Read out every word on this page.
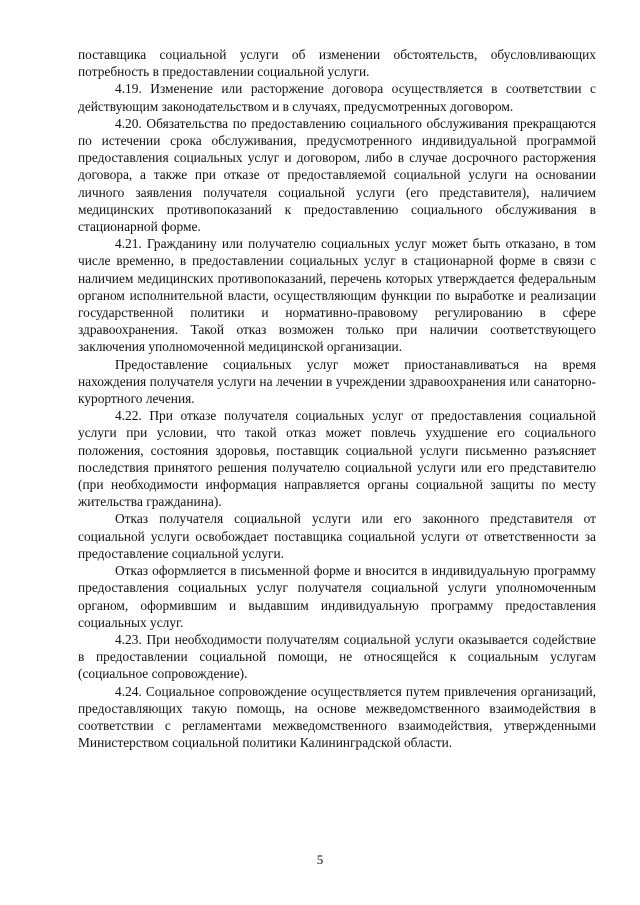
поставщика социальной услуги об изменении обстоятельств, обусловливающих потребность в предоставлении социальной услуги.

4.19. Изменение или расторжение договора осуществляется в соответствии с действующим законодательством и в случаях, предусмотренных договором.

4.20. Обязательства по предоставлению социального обслуживания прекращаются по истечении срока обслуживания, предусмотренного индивидуальной программой предоставления социальных услуг и договором, либо в случае досрочного расторжения договора, а также при отказе от предоставляемой социальной услуги на основании личного заявления получателя социальной услуги (его представителя), наличием медицинских противопоказаний к предоставлению социального обслуживания в стационарной форме.

4.21. Гражданину или получателю социальных услуг может быть отказано, в том числе временно, в предоставлении социальных услуг в стационарной форме в связи с наличием медицинских противопоказаний, перечень которых утверждается федеральным органом исполнительной власти, осуществляющим функции по выработке и реализации государственной политики и нормативно-правовому регулированию в сфере здравоохранения. Такой отказ возможен только при наличии соответствующего заключения уполномоченной медицинской организации.

Предоставление социальных услуг может приостанавливаться на время нахождения получателя услуги на лечении в учреждении здравоохранения или санаторно-курортного лечения.

4.22. При отказе получателя социальных услуг от предоставления социальной услуги при условии, что такой отказ может повлечь ухудшение его социального положения, состояния здоровья, поставщик социальной услуги письменно разъясняет последствия принятого решения получателю социальной услуги или его представителю (при необходимости информация направляется органы социальной защиты по месту жительства гражданина).

Отказ получателя социальной услуги или его законного представителя от социальной услуги освобождает поставщика социальной услуги от ответственности за предоставление социальной услуги.

Отказ оформляется в письменной форме и вносится в индивидуальную программу предоставления социальных услуг получателя социальной услуги уполномоченным органом, оформившим и выдавшим индивидуальную программу предоставления социальных услуг.

4.23. При необходимости получателям социальной услуги оказывается содействие в предоставлении социальной помощи, не относящейся к социальным услугам (социальное сопровождение).

4.24. Социальное сопровождение осуществляется путем привлечения организаций, предоставляющих такую помощь, на основе межведомственного взаимодействия в соответствии с регламентами межведомственного взаимодействия, утвержденными Министерством социальной политики Калининградской области.

5
